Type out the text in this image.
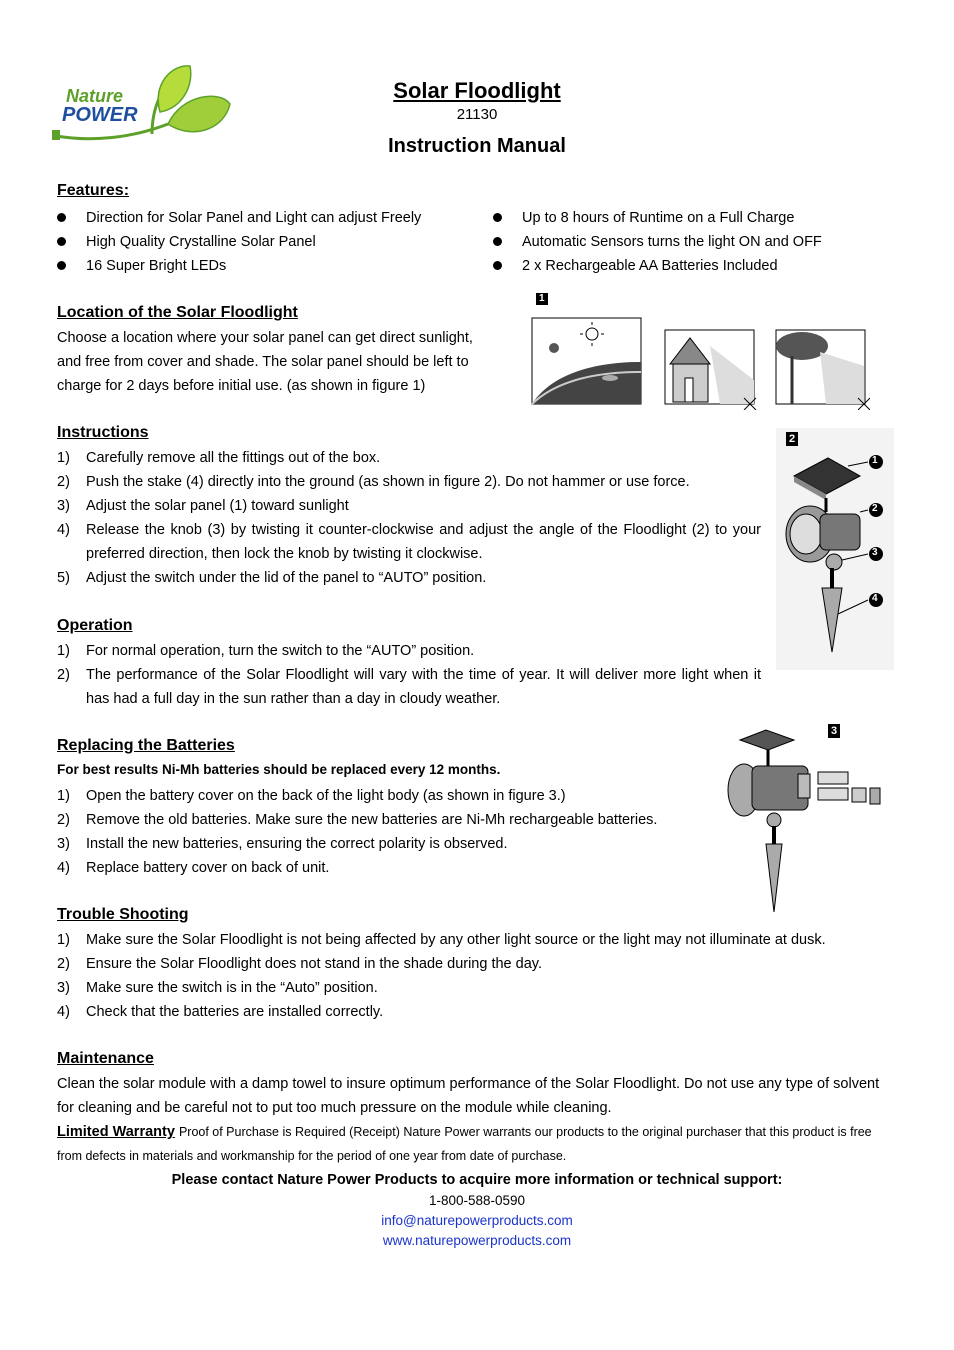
Nature
POWER
Solar Floodlight
21130
Instruction Manual
Features:
Direction for Solar Panel and Light can adjust Freely
High Quality Crystalline Solar Panel
16 Super Bright LEDs
Up to 8 hours of Runtime on a Full Charge
Automatic Sensors turns the light ON and OFF
2 x Rechargeable AA Batteries Included
Location of the Solar Floodlight
Choose a location where your solar panel can get direct sunlight,
and free from cover and shade. The solar panel should be left to
charge for 2 days before initial use. (as shown in figure 1)
1
Instructions
1) Carefully remove all the fittings out of the box.
2) Push the stake (4) directly into the ground (as shown in figure 2). Do not hammer or use force.
3) Adjust the solar panel (1) toward sunlight
4) Release the knob (3) by twisting it counter-clockwise and adjust the angle of the Floodlight (2) to your preferred direction, then lock the knob by twisting it clockwise.
5) Adjust the switch under the lid of the panel to “AUTO” position.
2
1
2
3
4
Operation
1) For normal operation, turn the switch to the “AUTO” position.
2) The performance of the Solar Floodlight will vary with the time of year. It will deliver more light when it has had a full day in the sun rather than a day in cloudy weather.
Replacing the Batteries
For best results Ni-Mh batteries should be replaced every 12 months.
1) Open the battery cover on the back of the light body (as shown in figure 3.)
2) Remove the old batteries. Make sure the new batteries are Ni-Mh rechargeable batteries.
3) Install the new batteries, ensuring the correct polarity is observed.
4) Replace battery cover on back of unit.
3
Trouble Shooting
1) Make sure the Solar Floodlight is not being affected by any other light source or the light may not illuminate at dusk.
2) Ensure the Solar Floodlight does not stand in the shade during the day.
3) Make sure the switch is in the “Auto” position.
4) Check that the batteries are installed correctly.
Maintenance
Clean the solar module with a damp towel to insure optimum performance of the Solar Floodlight. Do not use any type of solvent for cleaning and be careful not to put too much pressure on the module while cleaning.
Limited Warranty Proof of Purchase is Required (Receipt) Nature Power warrants our products to the original purchaser that this product is free from defects in materials and workmanship for the period of one year from date of purchase.
Please contact Nature Power Products to acquire more information or technical support:
1-800-588-0590
info@naturepowerproducts.com
www.naturepowerproducts.com
